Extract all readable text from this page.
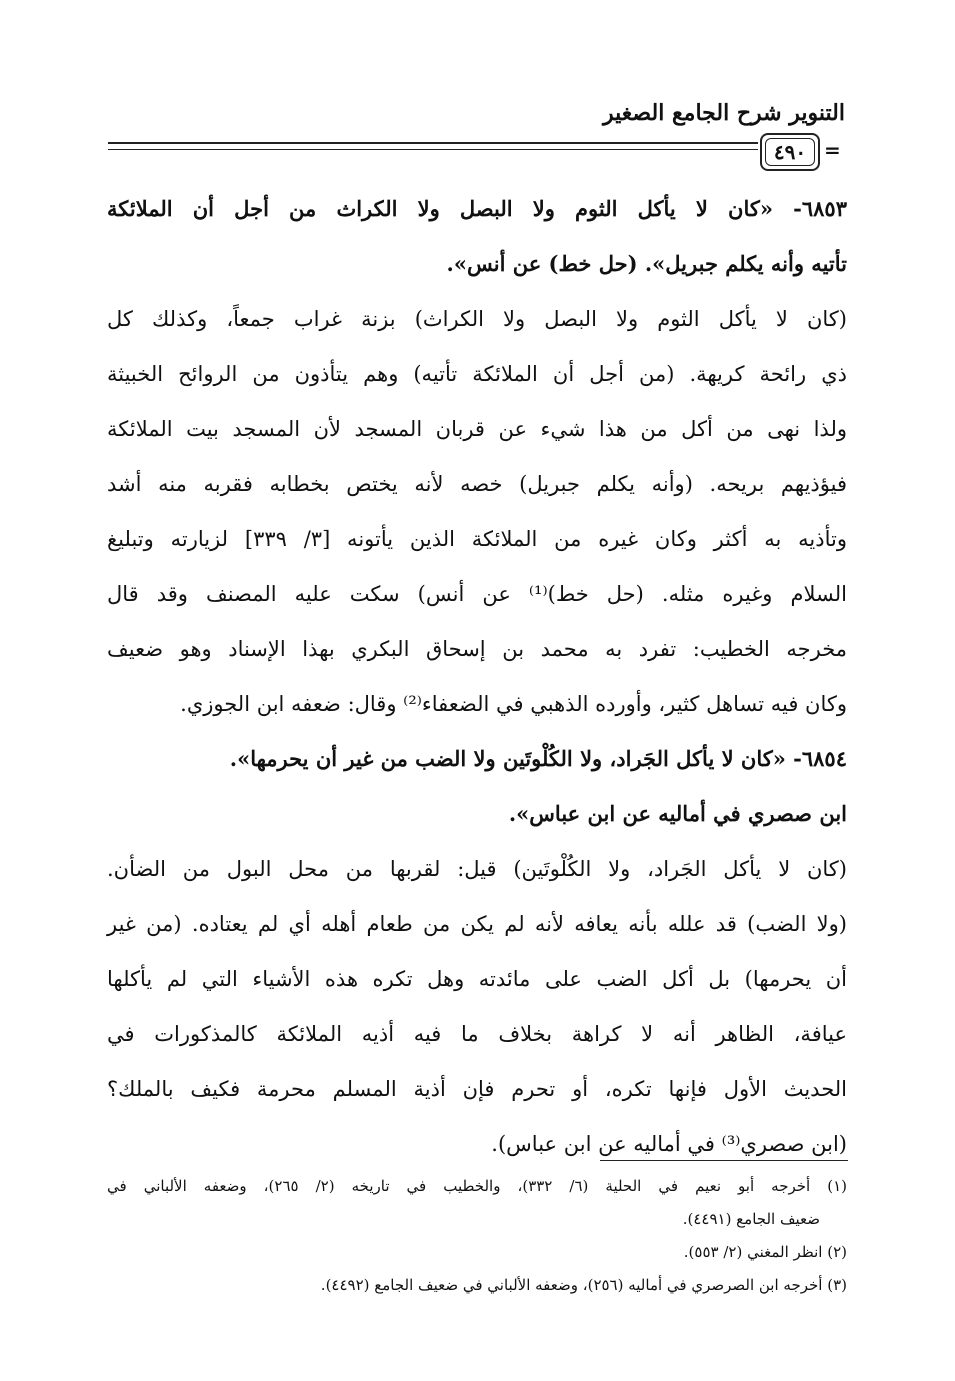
التنوير شرح الجامع الصغير
٤٩٠ =
٦٨٥٣- «كان لا يأكل الثوم ولا البصل ولا الكراث من أجل أن الملائكة
تأتيه وأنه يكلم جبريل». (حل خط) عن أنس».
(كان لا يأكل الثوم ولا البصل ولا الكراث) بزنة غراب جمعاً، وكذلك كل
ذي رائحة كريهة. (من أجل أن الملائكة تأتيه) وهم يتأذون من الروائح الخبيثة
ولذا نهى من أكل من هذا شيء عن قربان المسجد لأن المسجد بيت الملائكة
فيؤذيهم بريحه. (وأنه يكلم جبريل) خصه لأنه يختص بخطابه فقربه منه أشد
وتأذيه به أكثر وكان غيره من الملائكة الذين يأتونه [٣/ ٣٣٩] لزيارته وتبليغ
السلام وغيره مثله. (حل خط)⁽¹⁾ عن أنس) سكت عليه المصنف وقد قال
مخرجه الخطيب: تفرد به محمد بن إسحاق البكري بهذا الإسناد وهو ضعيف
وكان فيه تساهل كثير، وأورده الذهبي في الضعفاء⁽²⁾ وقال: ضعفه ابن الجوزي.
٦٨٥٤- «كان لا يأكل الجَراد، ولا الكُلْوتَين ولا الضب من غير أن يحرمها».
ابن صصري في أماليه عن ابن عباس».
(كان لا يأكل الجَراد، ولا الكُلْوتَين) قيل: لقربها من محل البول من الضأن.
(ولا الضب) قد علله بأنه يعافه لأنه لم يكن من طعام أهله أي لم يعتاده. (من غير
أن يحرمها) بل أكل الضب على مائدته وهل تكره هذه الأشياء التي لم يأكلها
عيافة، الظاهر أنه لا كراهة بخلاف ما فيه أذيه الملائكة كالمذكورات في
الحديث الأول فإنها تكره، أو تحرم فإن أذية المسلم محرمة فكيف بالملك؟
(ابن صصري⁽³⁾ في أماليه عن ابن عباس).
(١) أخرجه أبو نعيم في الحلية (٦/ ٣٣٢)، والخطيب في تاريخه (٢/ ٢٦٥)، وضعفه الألباني في
ضعيف الجامع (٤٤٩١).
(٢) انظر المغني (٢/ ٥٥٣).
(٣) أخرجه ابن الصرصري في أماليه (٢٥٦)، وضعفه الألباني في ضعيف الجامع (٤٤٩٢).
